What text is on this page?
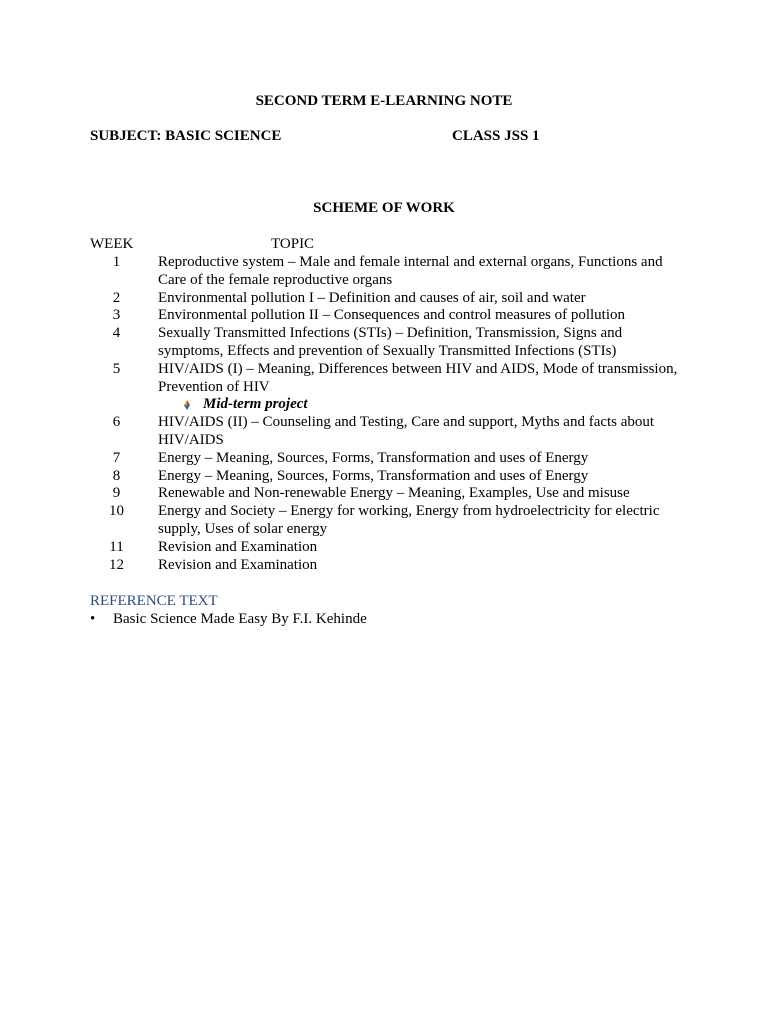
SECOND TERM E-LEARNING NOTE
SUBJECT: BASIC SCIENCE	CLASS JSS 1
SCHEME OF WORK
WEEK	TOPIC
1	Reproductive system – Male and female internal and external organs, Functions and Care of the female reproductive organs
2	Environmental pollution I – Definition and causes of air, soil and water
3	Environmental pollution II – Consequences and control measures of pollution
4	Sexually Transmitted Infections (STIs) – Definition, Transmission, Signs and symptoms, Effects and prevention of Sexually Transmitted Infections (STIs)
5	HIV/AIDS (I) – Meaning, Differences between HIV and AIDS, Mode of transmission, Prevention of HIV
Mid-term project
6	HIV/AIDS (II) – Counseling and Testing, Care and support, Myths and facts about HIV/AIDS
7	Energy – Meaning, Sources, Forms, Transformation and uses of Energy
8	Energy – Meaning, Sources, Forms, Transformation and uses of Energy
9	Renewable and Non-renewable Energy – Meaning, Examples, Use and misuse
10	Energy and Society – Energy for working, Energy from hydroelectricity for electric supply, Uses of solar energy
11	Revision and Examination
12	Revision and Examination
REFERENCE TEXT
•	Basic Science Made Easy By F.I. Kehinde
